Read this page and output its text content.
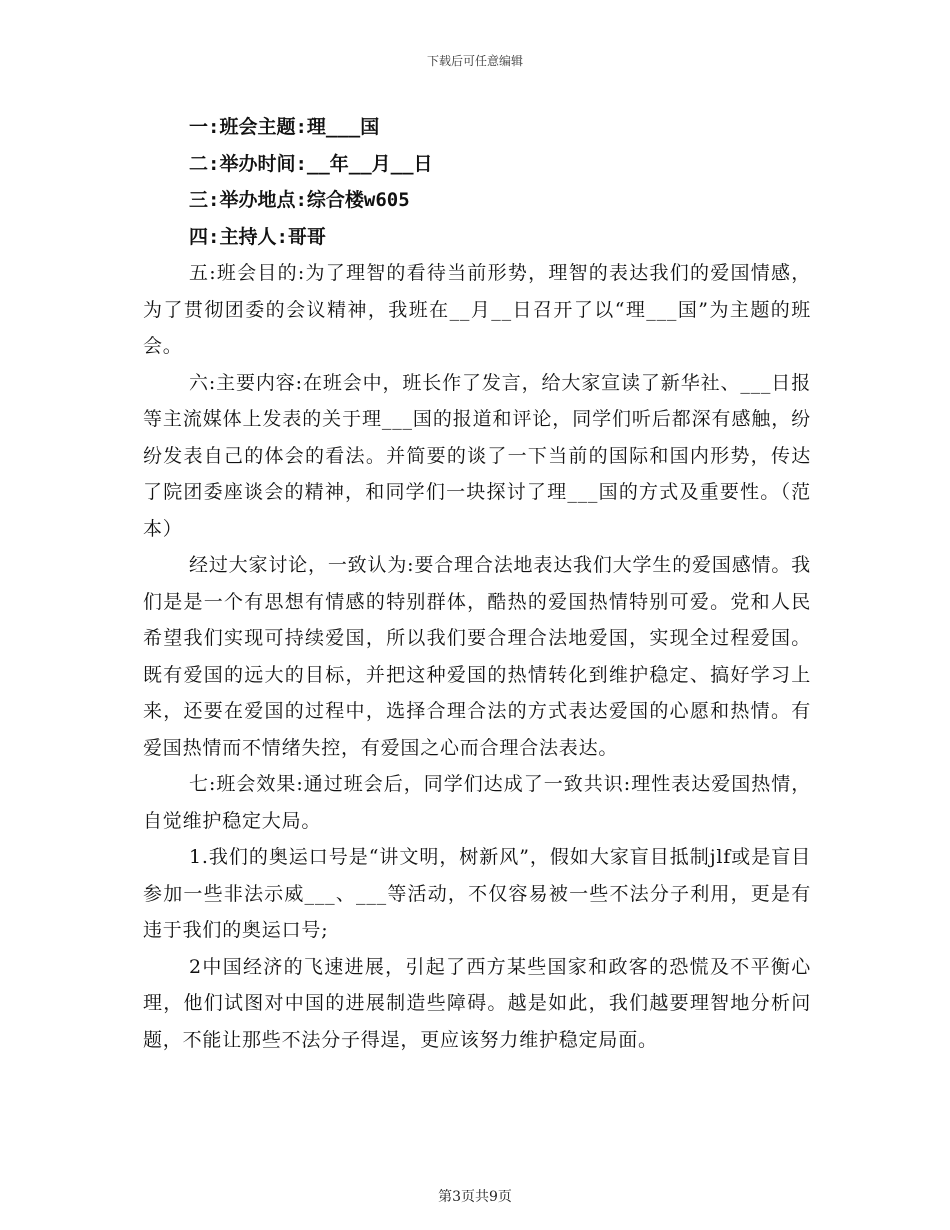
下载后可任意编辑

一:班会主题:理___国

二:举办时间:__年__月__日

三:举办地点:综合楼w605

四:主持人:哥哥

五:班会目的:为了理智的看待当前形势，理智的表达我们的爱国情感，为了贯彻团委的会议精神，我班在__月__日召开了以“理___国”为主题的班会。

六:主要内容:在班会中，班长作了发言，给大家宣读了新华社、___日报等主流媒体上发表的关于理___国的报道和评论，同学们听后都深有感触，纷纷发表自己的体会的看法。并简要的谈了一下当前的国际和国内形势，传达了院团委座谈会的精神，和同学们一块探讨了理___国的方式及重要性。（范本）

经过大家讨论，一致认为:要合理合法地表达我们大学生的爱国感情。我们是是一个有思想有情感的特别群体，酷热的爱国热情特别可爱。党和人民希望我们实现可持续爱国，所以我们要合理合法地爱国，实现全过程爱国。既有爱国的远大的目标，并把这种爱国的热情转化到维护稳定、搞好学习上来，还要在爱国的过程中，选择合理合法的方式表达爱国的心愿和热情。有爱国热情而不情绪失控，有爱国之心而合理合法表达。

七:班会效果:通过班会后，同学们达成了一致共识:理性表达爱国热情，自觉维护稳定大局。

1.我们的奥运口号是“讲文明，树新风”，假如大家盲目抵制jlf或是盲目参加一些非法示威___、___等活动，不仅容易被一些不法分子利用，更是有违于我们的奥运口号;

2中国经济的飞速进展，引起了西方某些国家和政客的恐慌及不平衡心理，他们试图对中国的进展制造些障碍。越是如此，我们越要理智地分析问题，不能让那些不法分子得逞，更应该努力维护稳定局面。

第3页共9页
